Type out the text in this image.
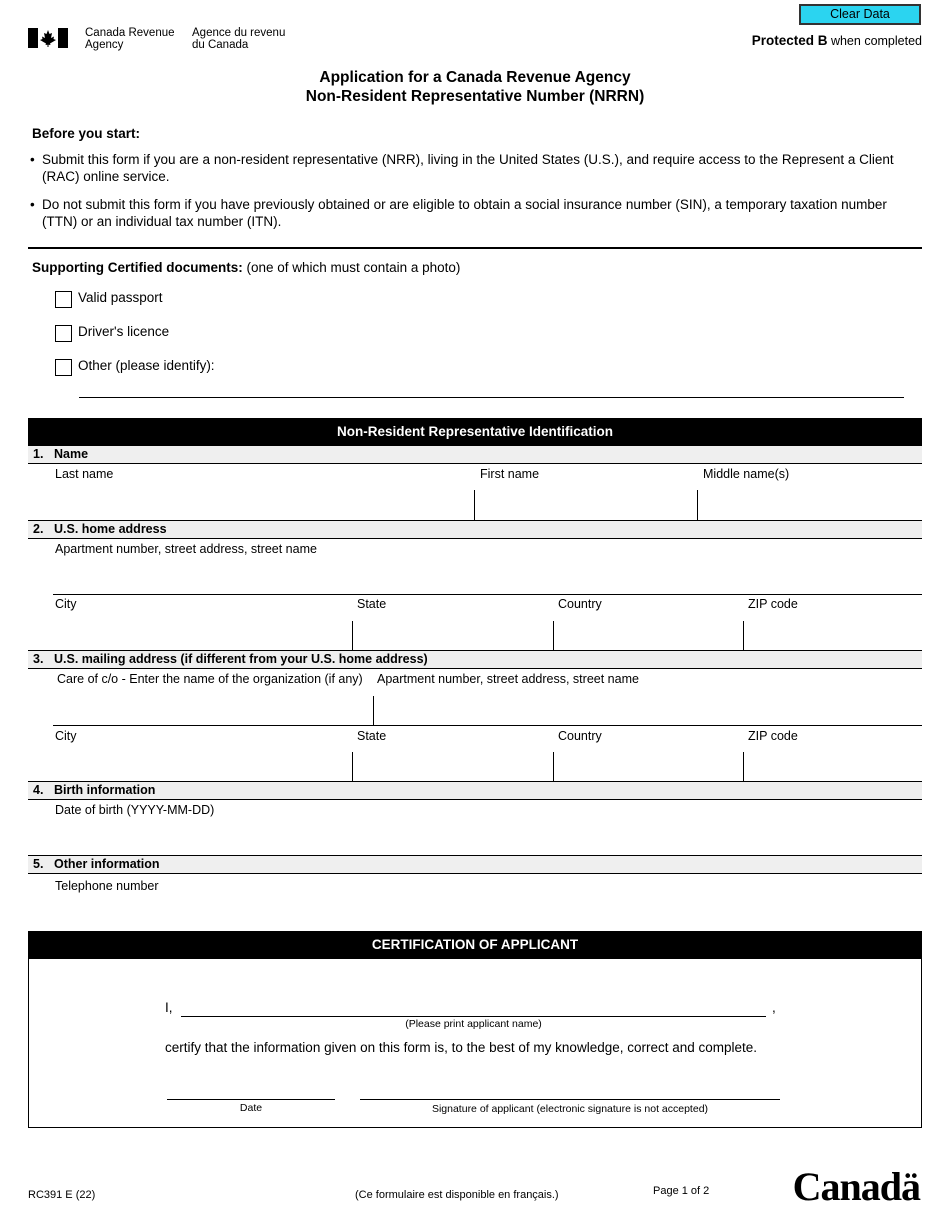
Canada Revenue
Agency
Agence du revenu
du Canada
Clear Data
Protected B when completed
Application for a Canada Revenue Agency
Non-Resident Representative Number (NRRN)
Before you start:
• Submit this form if you are a non-resident representative (NRR), living in the United States (U.S.), and require access to the Represent a Client (RAC) online service.
• Do not submit this form if you have previously obtained or are eligible to obtain a social insurance number (SIN), a temporary taxation number (TTN) or an individual tax number (ITN).
Supporting Certified documents: (one of which must contain a photo)
Valid passport
Driver's licence
Other (please identify):
Non-Resident Representative Identification
1. Name
Last name	First name	Middle name(s)
2. U.S. home address
Apartment number, street address, street name
City	State	Country	ZIP code
3. U.S. mailing address (if different from your U.S. home address)
Care of c/o - Enter the name of the organization (if any) Apartment number, street address, street name
City	State	Country	ZIP code
4. Birth information
Date of birth (YYYY-MM-DD)
5. Other information
Telephone number
CERTIFICATION OF APPLICANT
I,	,
(Please print applicant name)
certify that the information given on this form is, to the best of my knowledge, correct and complete.
Date	Signature of applicant (electronic signature is not accepted)
RC391 E (22)	(Ce formulaire est disponible en français.)	Page 1 of 2 Canadä
